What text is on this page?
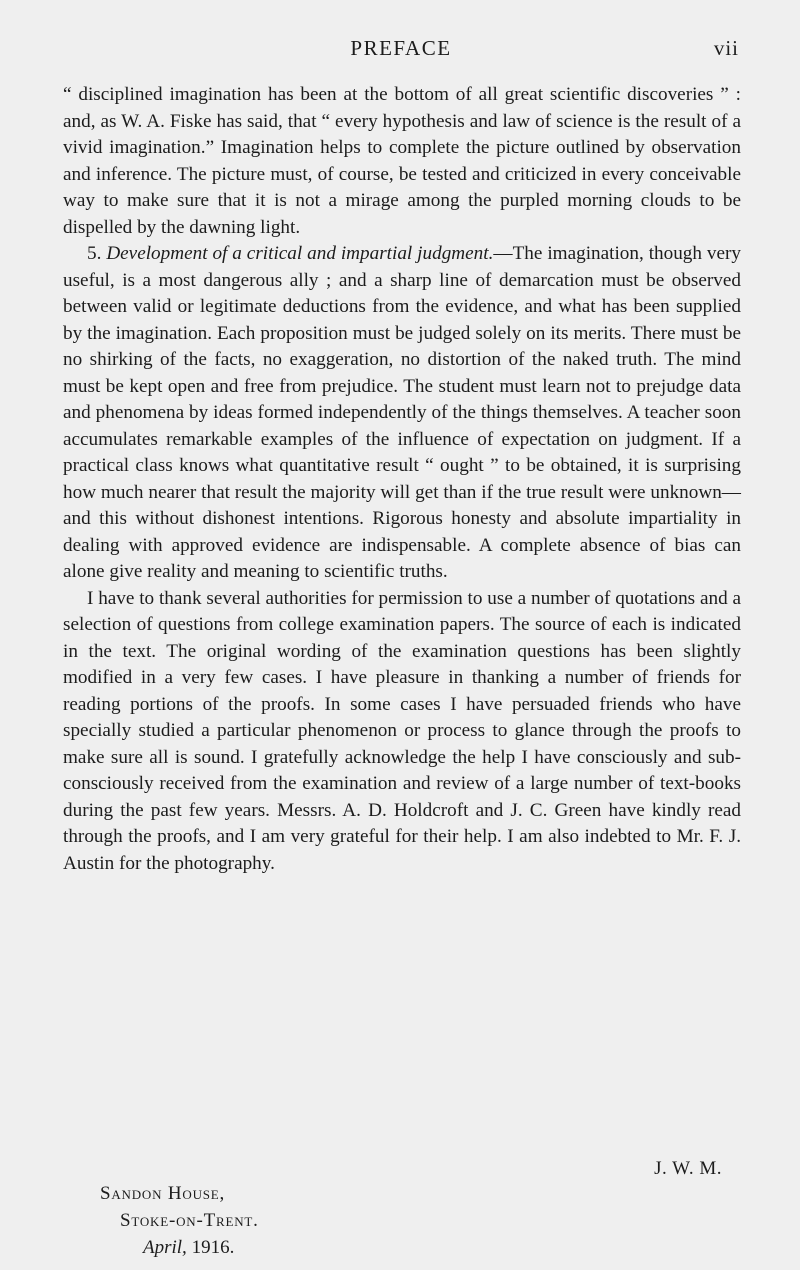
PREFACE	vii

“ disciplined imagination has been at the bottom of all great scientific discoveries ” : and, as W. A. Fiske has said, that “ every hypothesis and law of science is the result of a vivid imagination.” Imagination helps to complete the picture outlined by observation and inference. The picture must, of course, be tested and criticized in every conceivable way to make sure that it is not a mirage among the purpled morning clouds to be dispelled by the dawning light.

5. Development of a critical and impartial judgment.—The imagination, though very useful, is a most dangerous ally ; and a sharp line of demarcation must be observed between valid or legitimate deductions from the evidence, and what has been supplied by the imagination. Each proposition must be judged solely on its merits. There must be no shirking of the facts, no exaggeration, no distortion of the naked truth. The mind must be kept open and free from prejudice. The student must learn not to prejudge data and phenomena by ideas formed independently of the things themselves. A teacher soon accumulates remarkable examples of the influence of expectation on judgment. If a practical class knows what quantitative result “ ought ” to be obtained, it is surprising how much nearer that result the majority will get than if the true result were unknown—and this without dishonest intentions. Rigorous honesty and absolute impartiality in dealing with approved evidence are indispensable. A complete absence of bias can alone give reality and meaning to scientific truths.

I have to thank several authorities for permission to use a number of quotations and a selection of questions from college examination papers. The source of each is indicated in the text. The original wording of the examination questions has been slightly modified in a very few cases. I have pleasure in thanking a number of friends for reading portions of the proofs. In some cases I have persuaded friends who have specially studied a particular phenomenon or process to glance through the proofs to make sure all is sound. I gratefully acknowledge the help I have consciously and sub-consciously received from the examination and review of a large number of text-books during the past few years. Messrs. A. D. Holdcroft and J. C. Green have kindly read through the proofs, and I am very grateful for their help. I am also indebted to Mr. F. J. Austin for the photography.

J. W. M.
Sandon House,
Stoke-on-Trent.
April, 1916.
